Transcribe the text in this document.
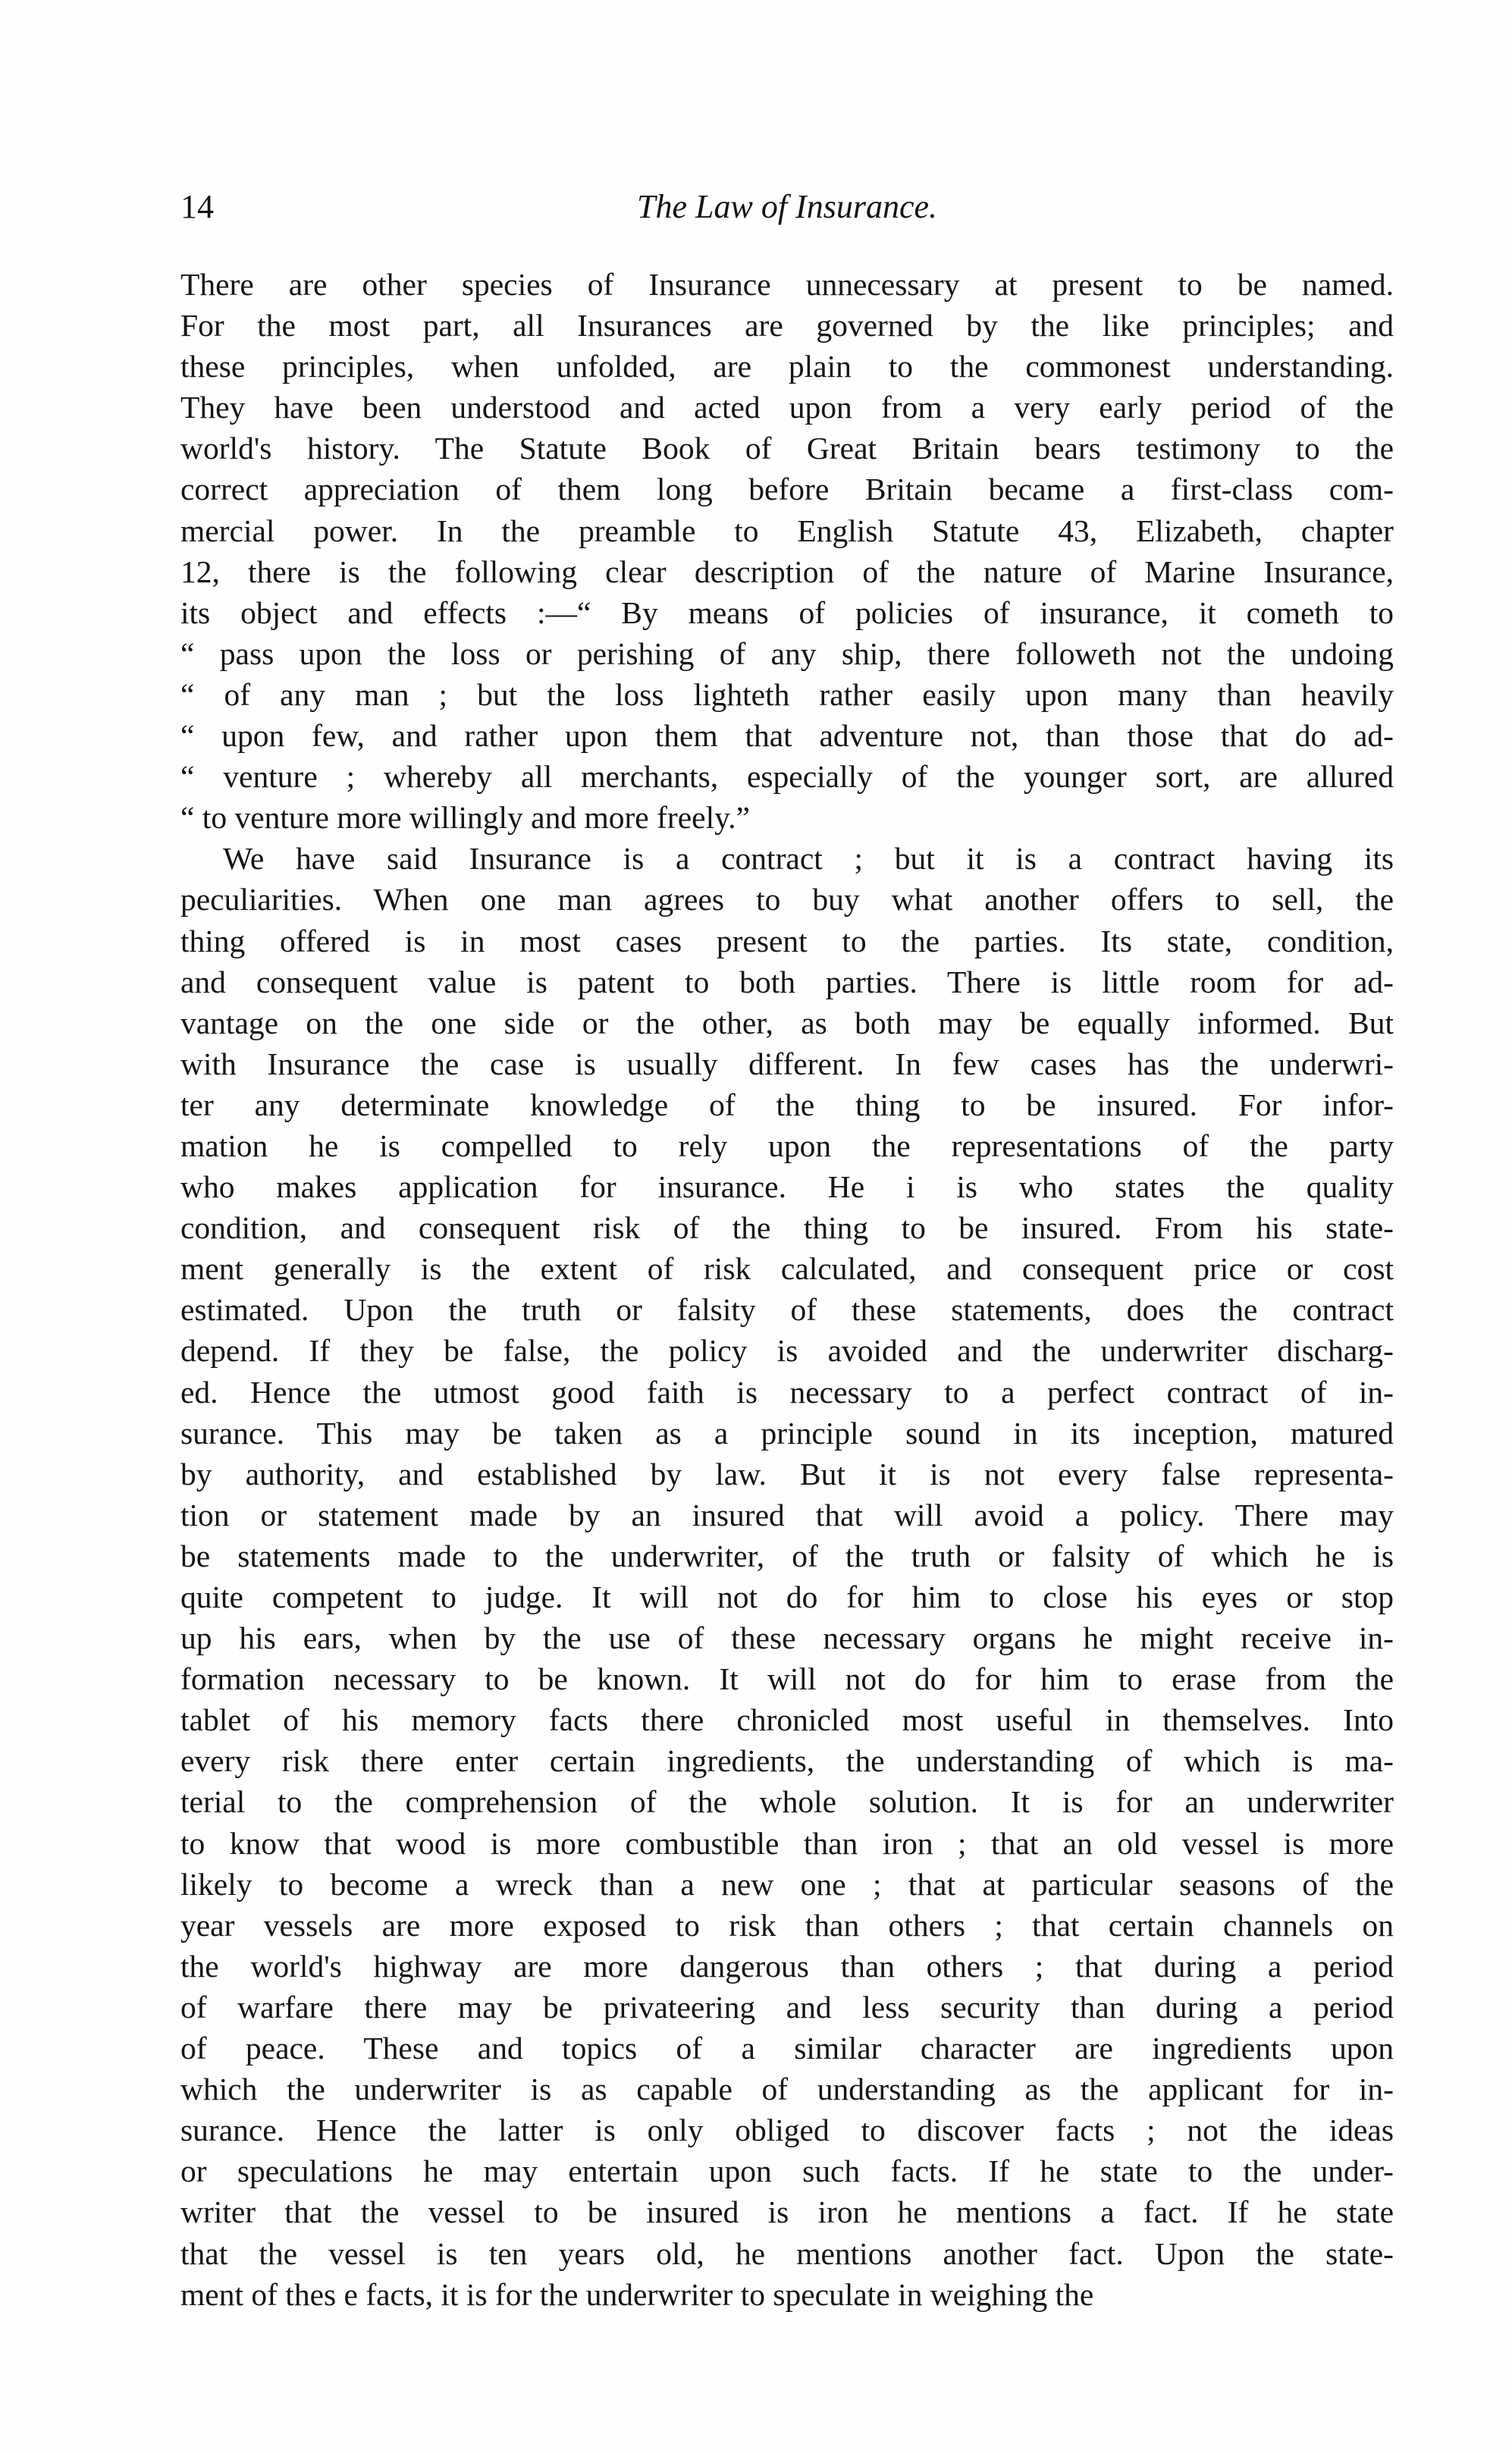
14	The Law of Insurance.
There are other species of Insurance unnecessary at present to be named.
For the most part, all Insurances are governed by the like principles; and
these principles, when unfolded, are plain to the commonest understanding.
They have been understood and acted upon from a very early period of the
world's history. The Statute Book of Great Britain bears testimony to the
correct appreciation of them long before Britain became a first-class com-
mercial power. In the preamble to English Statute 43, Elizabeth, chapter
12, there is the following clear description of the nature of Marine Insurance,
its object and effects :—“ By means of policies of insurance, it cometh to
“ pass upon the loss or perishing of any ship, there followeth not the undoing
“ of any man ; but the loss lighteth rather easily upon many than heavily
“ upon few, and rather upon them that adventure not, than those that do ad-
“ venture ; whereby all merchants, especially of the younger sort, are allured
“ to venture more willingly and more freely.”
We have said Insurance is a contract ; but it is a contract having its
peculiarities. When one man agrees to buy what another offers to sell, the
thing offered is in most cases present to the parties. Its state, condition,
and consequent value is patent to both parties. There is little room for ad-
vantage on the one side or the other, as both may be equally informed. But
with Insurance the case is usually different. In few cases has the underwri-
ter any determinate knowledge of the thing to be insured. For infor-
mation he is compelled to rely upon the representations of the party
who makes application for insurance. He i is who states the quality
condition, and consequent risk of the thing to be insured. From his state-
ment generally is the extent of risk calculated, and consequent price or cost
estimated. Upon the truth or falsity of these statements, does the contract
depend. If they be false, the policy is avoided and the underwriter discharg-
ed. Hence the utmost good faith is necessary to a perfect contract of in-
surance. This may be taken as a principle sound in its inception, matured
by authority, and established by law. But it is not every false representa-
tion or statement made by an insured that will avoid a policy. There may
be statements made to the underwriter, of the truth or falsity of which he is
quite competent to judge. It will not do for him to close his eyes or stop
up his ears, when by the use of these necessary organs he might receive in-
formation necessary to be known. It will not do for him to erase from the
tablet of his memory facts there chronicled most useful in themselves. Into
every risk there enter certain ingredients, the understanding of which is ma-
terial to the comprehension of the whole solution. It is for an underwriter
to know that wood is more combustible than iron ; that an old vessel is more
likely to become a wreck than a new one ; that at particular seasons of the
year vessels are more exposed to risk than others ; that certain channels on
the world's highway are more dangerous than others ; that during a period
of warfare there may be privateering and less security than during a period
of peace. These and topics of a similar character are ingredients upon
which the underwriter is as capable of understanding as the applicant for in-
surance. Hence the latter is only obliged to discover facts ; not the ideas
or speculations he may entertain upon such facts. If he state to the under-
writer that the vessel to be insured is iron he mentions a fact. If he state
that the vessel is ten years old, he mentions another fact. Upon the state-
ment of thes e facts, it is for the underwriter to speculate in weighing the
